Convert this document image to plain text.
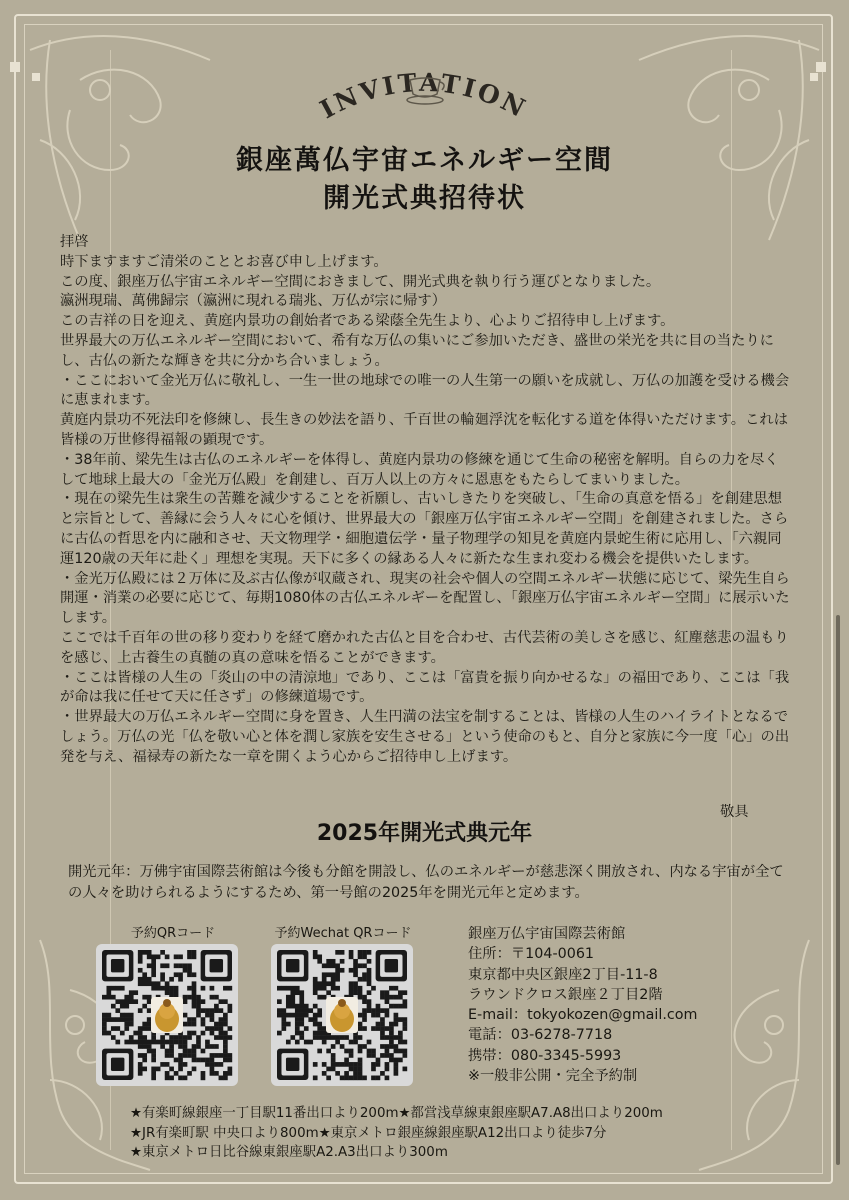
INVITATION
銀座萬仏宇宙エネルギー空間
開光式典招待状

拝啓

時下ますますご清栄のこととお喜び申し上げます。

この度、銀座万仏宇宙エネルギー空間におきまして、開光式典を執り行う運びとなりました。

瀛洲現瑞、萬佛歸宗（瀛洲に現れる瑞兆、万仏が宗に帰す）

この吉祥の日を迎え、黄庭内景功の創始者である梁蔭全先生より、心よりご招待申し上げます。

世界最大の万仏エネルギー空間において、希有な万仏の集いにご参加いただき、盛世の栄光を共に目の当たりにし、古仏の新たな輝きを共に分かち合いましょう。

・ここにおいて金光万仏に敬礼し、一生一世の地球での唯一の人生第一の願いを成就し、万仏の加護を受ける機会に恵まれます。

黄庭内景功不死法印を修練し、長生きの妙法を語り、千百世の輪廻浮沈を転化する道を体得いただけます。これは皆様の万世修得福報の顕現です。

・38年前、梁先生は古仏のエネルギーを体得し、黄庭内景功の修練を通じて生命の秘密を解明。自らの力を尽くして地球上最大の「金光万仏殿」を創建し、百万人以上の方々に恩恵をもたらしてまいりました。

・現在の梁先生は衆生の苦難を減少することを祈願し、古いしきたりを突破し、「生命の真意を悟る」を創建思想と宗旨として、善縁に会う人々に心を傾け、世界最大の「銀座万仏宇宙エネルギー空間」を創建されました。さらに古仏の哲思を内に融和させ、天文物理学・細胞遺伝学・量子物理学の知見を黄庭内景蛇生術に応用し、「六親同運120歳の天年に赴く」理想を実現。天下に多くの縁ある人々に新たな生まれ変わる機会を提供いたします。

・金光万仏殿には２万体に及ぶ古仏像が収蔵され、現実の社会や個人の空間エネルギー状態に応じて、梁先生自ら開運・消業の必要に応じて、毎期1080体の古仏エネルギーを配置し、「銀座万仏宇宙エネルギー空間」に展示いたします。

ここでは千百年の世の移り変わりを経て磨かれた古仏と目を合わせ、古代芸術の美しさを感じ、紅塵慈悲の温もりを感じ、上古養生の真髄の真の意味を悟ることができます。

・ここは皆様の人生の「炎山の中の清涼地」であり、ここは「富貴を振り向かせるな」の福田であり、ここは「我が命は我に任せて天に任さず」の修練道場です。

・世界最大の万仏エネルギー空間に身を置き、人生円満の法宝を制することは、皆様の人生のハイライトとなるでしょう。万仏の光「仏を敬い心と体を潤し家族を安生させる」という使命のもと、自分と家族に今一度「心」の出発を与え、福禄寿の新たな一章を開くよう心からご招待申し上げます。

敬具
2025年開光式典元年
開光元年：万佛宇宙国際芸術館は今後も分館を開設し、仏のエネルギーが慈悲深く開放され、内なる宇宙が全ての人々を助けられるようにするため、第一号館の2025年を開光元年と定めます。
予約QRコード	予約Wechat QRコード	銀座万仏宇宙国際芸術館

住所：〒104-0061

東京都中央区銀座2丁目-11-8

ラウンドクロス銀座２丁目2階

E-mail：tokyokozen@gmail.com

電話：03-6278-7718

携帯：080-3345-5993

※一般非公開・完全予約制

★有楽町線銀座一丁目駅11番出口より200m★都営浅草線東銀座駅A7.A8出口より200m

★JR有楽町駅 中央口より800m★東京メトロ銀座線銀座駅A12出口より徒歩7分

★東京メトロ日比谷線東銀座駅A2.A3出口より300m
